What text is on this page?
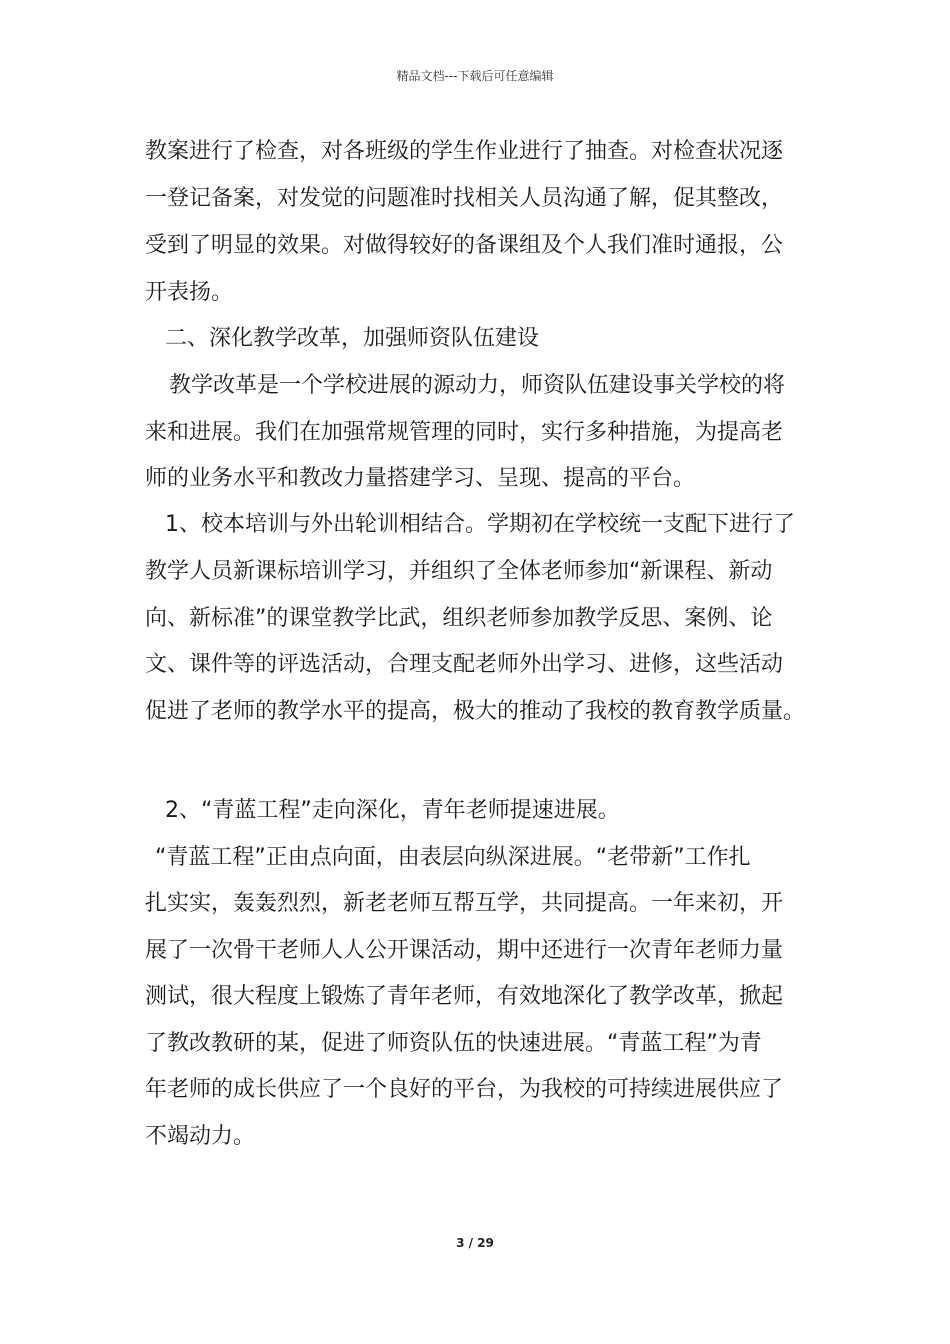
精品文档---下载后可任意编辑
教案进行了检查，对各班级的学生作业进行了抽查。对检查状况逐
一登记备案，对发觉的问题准时找相关人员沟通了解，促其整改，
受到了明显的效果。对做得较好的备课组及个人我们准时通报，公
开表扬。
二、深化教学改革，加强师资队伍建设
教学改革是一个学校进展的源动力，师资队伍建设事关学校的将
来和进展。我们在加强常规管理的同时，实行多种措施，为提高老
师的业务水平和教改力量搭建学习、呈现、提高的平台。
1、校本培训与外出轮训相结合。学期初在学校统一支配下进行了
教学人员新课标培训学习，并组织了全体老师参加“新课程、新动
向、新标准”的课堂教学比武，组织老师参加教学反思、案例、论
文、课件等的评选活动，合理支配老师外出学习、进修，这些活动
促进了老师的教学水平的提高，极大的推动了我校的教育教学质量。
2、“青蓝工程”走向深化，青年老师提速进展。
“青蓝工程”正由点向面，由表层向纵深进展。“老带新”工作扎
扎实实，轰轰烈烈，新老老师互帮互学，共同提高。一年来初，开
展了一次骨干老师人人公开课活动，期中还进行一次青年老师力量
测试，很大程度上锻炼了青年老师，有效地深化了教学改革，掀起
了教改教研的某，促进了师资队伍的快速进展。“青蓝工程”为青
年老师的成长供应了一个良好的平台，为我校的可持续进展供应了
不竭动力。
3 / 29
